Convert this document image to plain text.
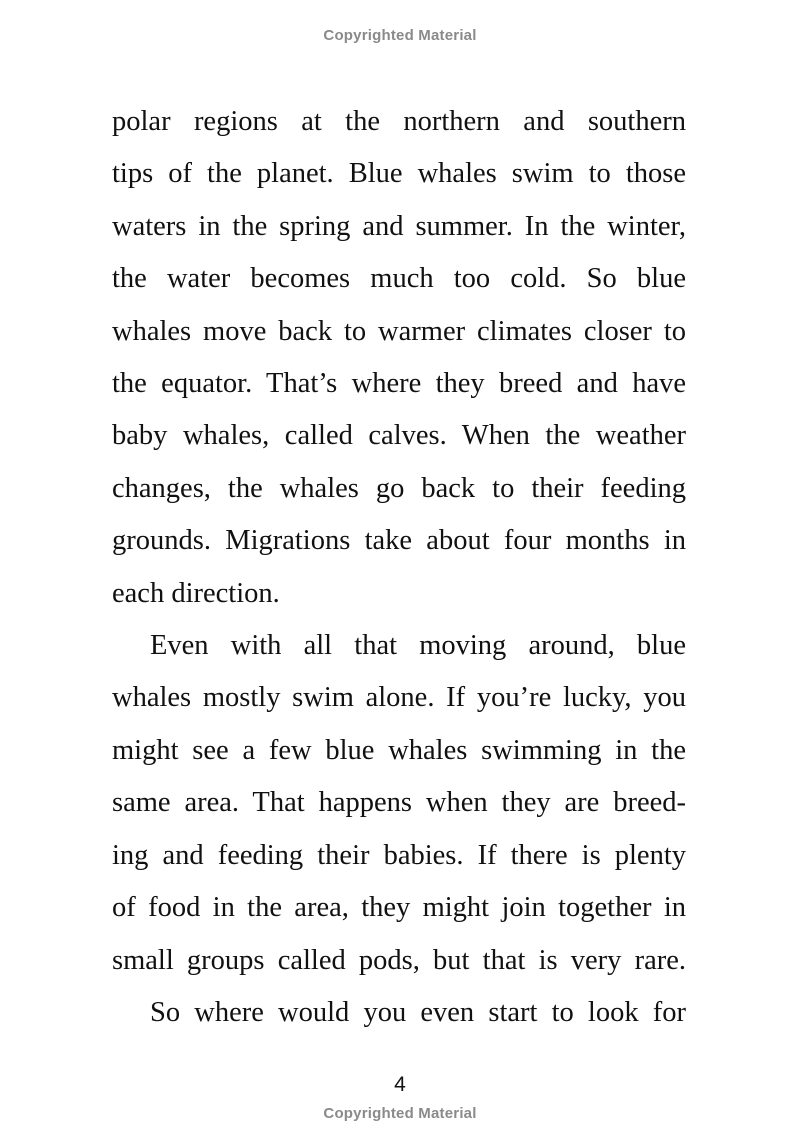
Copyrighted Material
polar regions at the northern and southern
tips of the planet. Blue whales swim to those
waters in the spring and summer. In the winter,
the water becomes much too cold. So blue
whales move back to warmer climates closer to
the equator. That’s where they breed and have
baby whales, called calves. When the weather
changes, the whales go back to their feeding
grounds. Migrations take about four months in
each direction.
Even with all that moving around, blue
whales mostly swim alone. If you’re lucky, you
might see a few blue whales swimming in the
same area. That happens when they are breed-
ing and feeding their babies. If there is plenty
of food in the area, they might join together in
small groups called pods, but that is very rare.
So where would you even start to look for
4
Copyrighted Material
